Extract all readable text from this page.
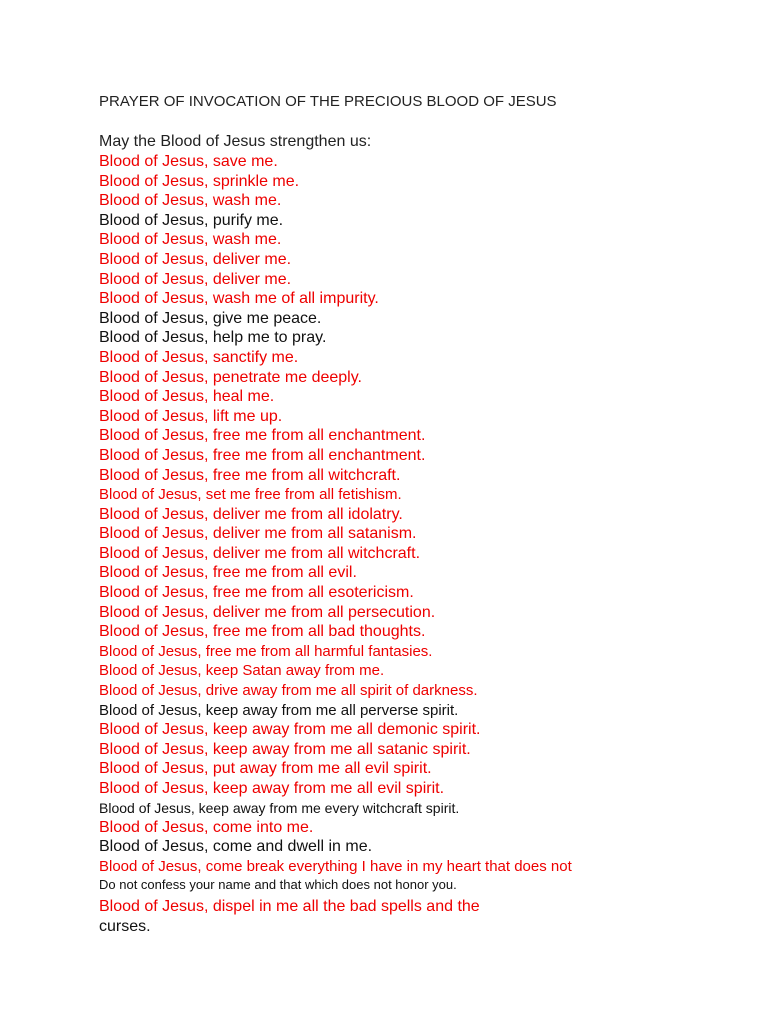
PRAYER OF INVOCATION OF THE PRECIOUS BLOOD OF JESUS
May the Blood of Jesus strengthen us:
Blood of Jesus, save me.
Blood of Jesus, sprinkle me.
Blood of Jesus, wash me.
Blood of Jesus, purify me.
Blood of Jesus, wash me.
Blood of Jesus, deliver me.
Blood of Jesus, deliver me.
Blood of Jesus, wash me of all impurity.
Blood of Jesus, give me peace.
Blood of Jesus, help me to pray.
Blood of Jesus, sanctify me.
Blood of Jesus, penetrate me deeply.
Blood of Jesus, heal me.
Blood of Jesus, lift me up.
Blood of Jesus, free me from all enchantment.
Blood of Jesus, free me from all enchantment.
Blood of Jesus, free me from all witchcraft.
Blood of Jesus, set me free from all fetishism.
Blood of Jesus, deliver me from all idolatry.
Blood of Jesus, deliver me from all satanism.
Blood of Jesus, deliver me from all witchcraft.
Blood of Jesus, free me from all evil.
Blood of Jesus, free me from all esotericism.
Blood of Jesus, deliver me from all persecution.
Blood of Jesus, free me from all bad thoughts.
Blood of Jesus, free me from all harmful fantasies.
Blood of Jesus, keep Satan away from me.
Blood of Jesus, drive away from me all spirit of darkness.
Blood of Jesus, keep away from me all perverse spirit.
Blood of Jesus, keep away from me all demonic spirit.
Blood of Jesus, keep away from me all satanic spirit.
Blood of Jesus, put away from me all evil spirit.
Blood of Jesus, keep away from me all evil spirit.
Blood of Jesus, keep away from me every witchcraft spirit.
Blood of Jesus, come into me.
Blood of Jesus, come and dwell in me.
Blood of Jesus, come break everything I have in my heart that does not
Do not confess your name and that which does not honor you.
Blood of Jesus, dispel in me all the bad spells and the
curses.
